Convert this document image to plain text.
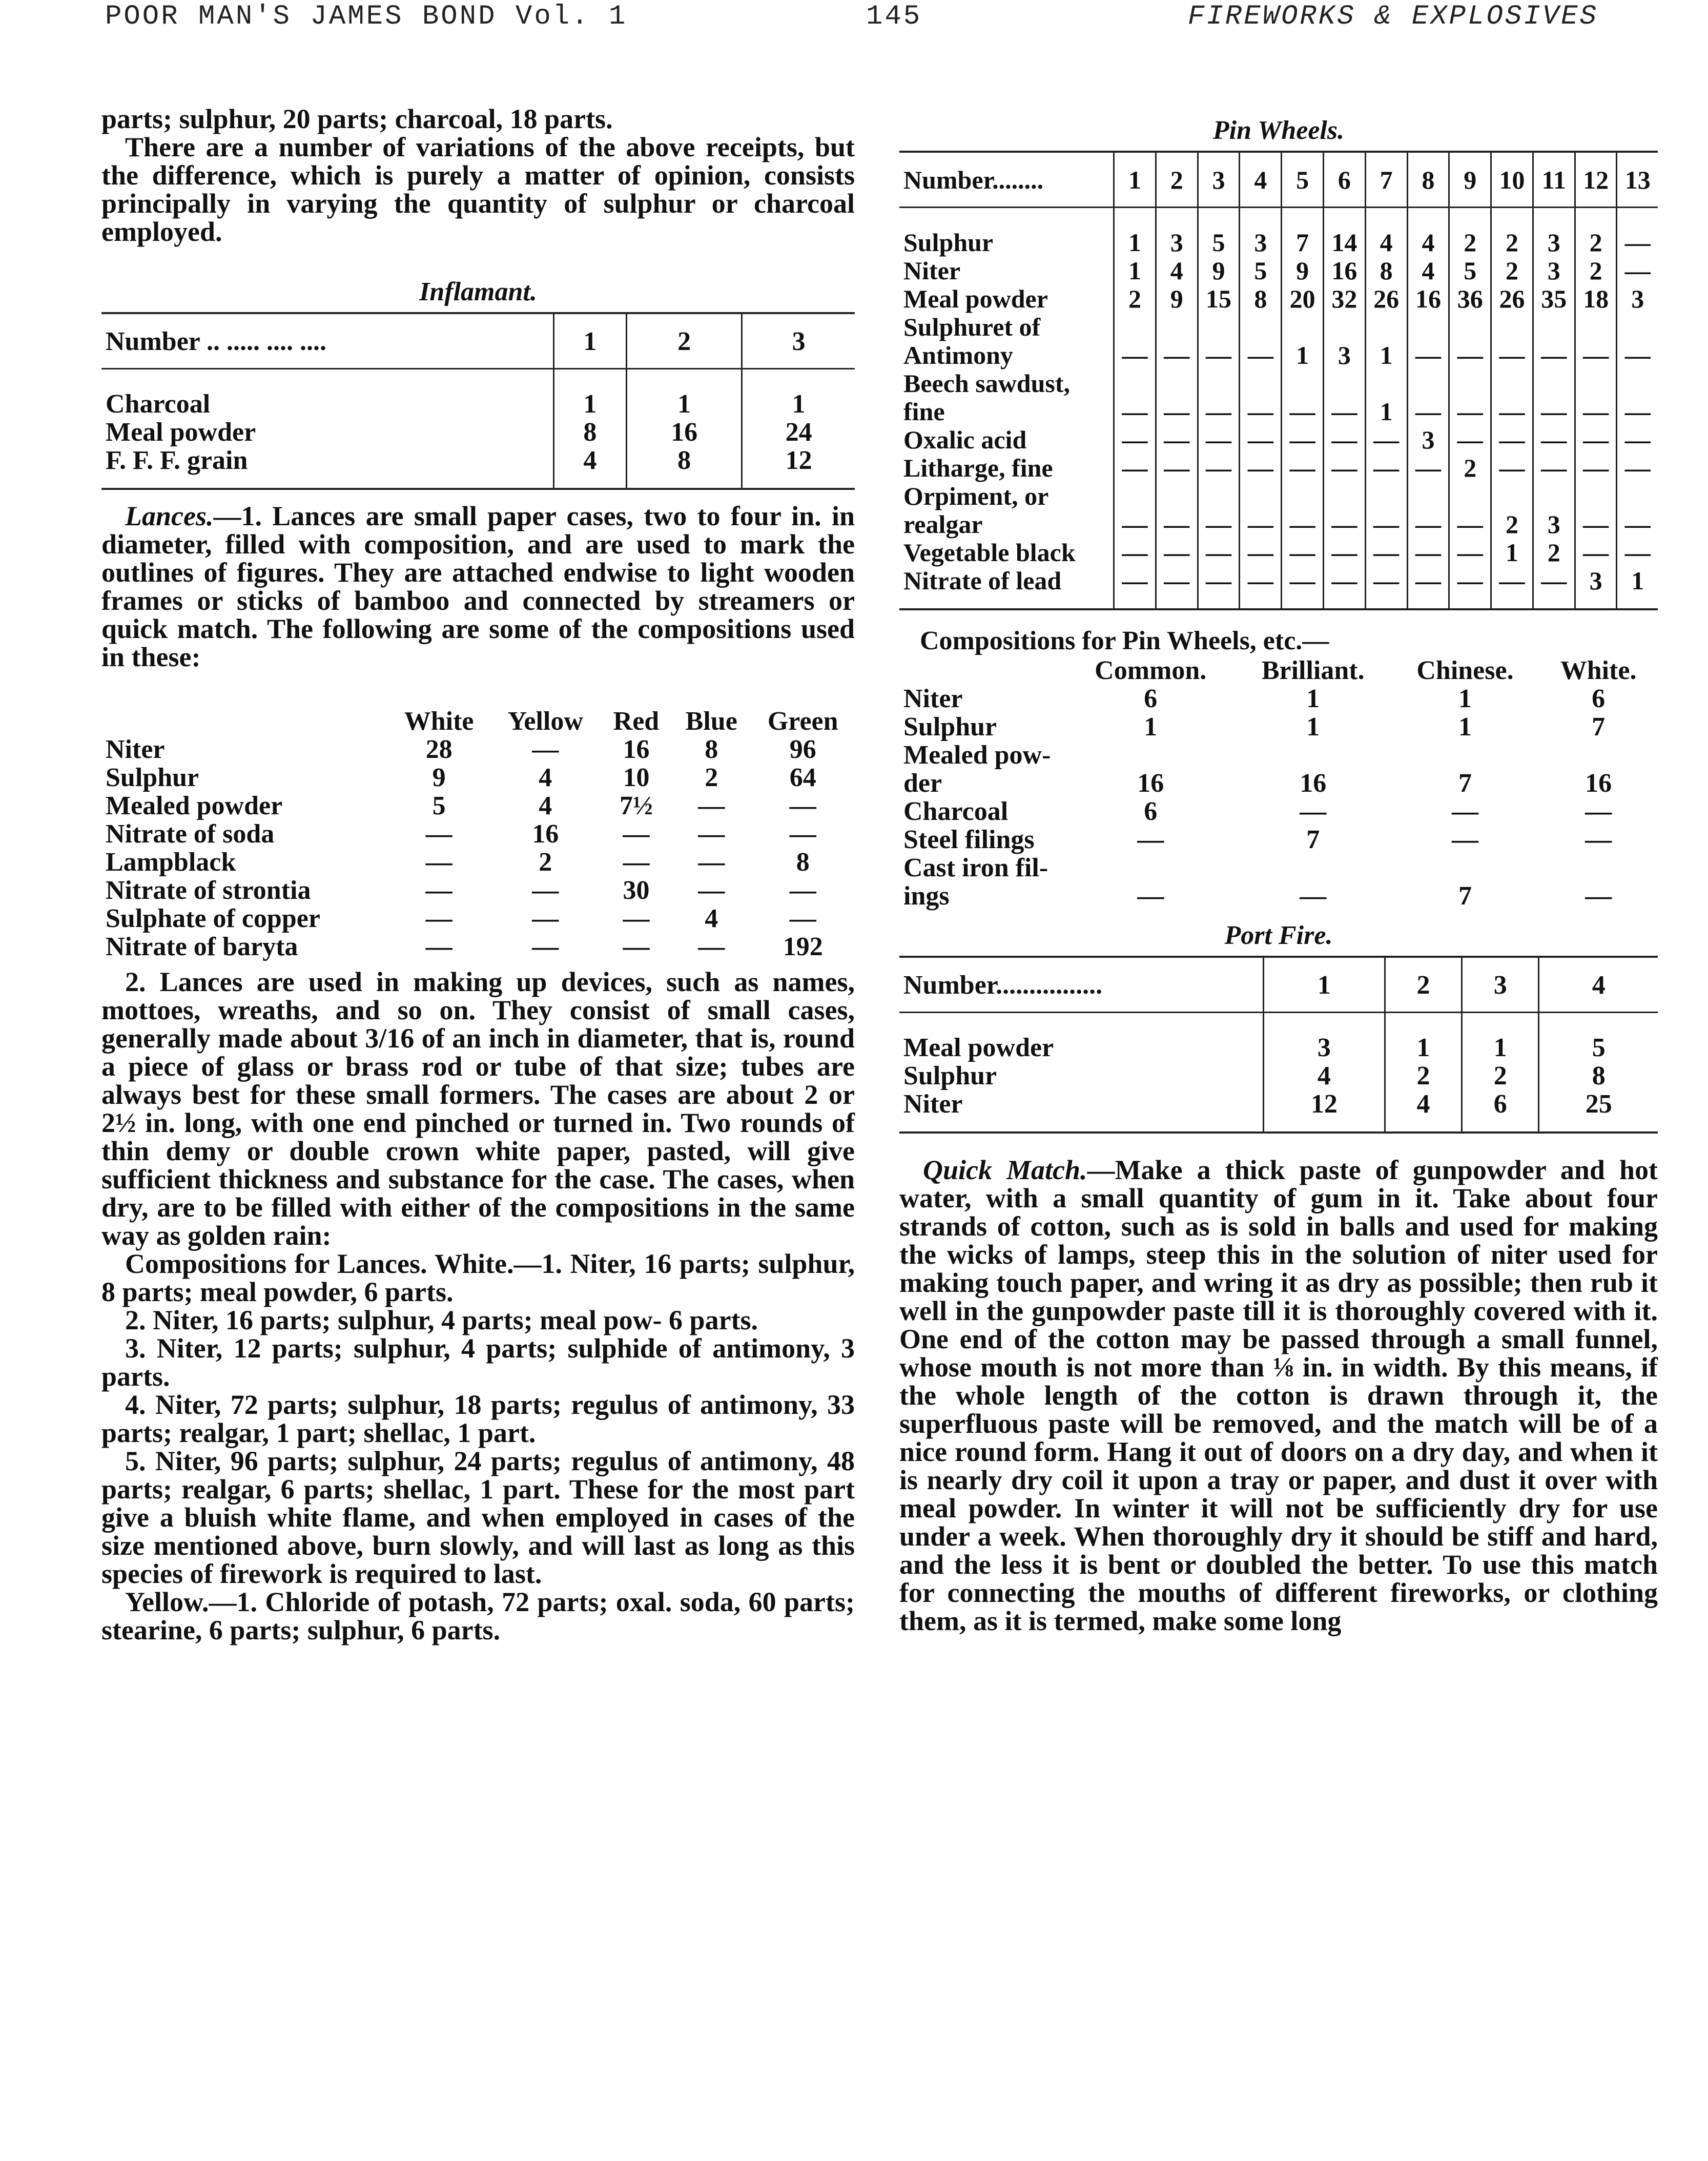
POOR MAN'S JAMES BOND Vol. 1	145	FIREWORKS & EXPLOSIVES

parts; sulphur, 20 parts; charcoal, 18 parts.

There are a number of variations of the above receipts, but the difference, which is purely a matter of opinion, consists principally in varying the quantity of sulphur or charcoal employed.

Inflamant.
Number .. ..... .... ....	1	2	3
Charcoal	1	1	1
Meal powder	8	16	24
F. F. F. grain	4	8	12

Lances.—1. Lances are small paper cases, two to four in. in diameter, filled with composition, and are used to mark the outlines of figures. They are attached endwise to light wooden frames or sticks of bamboo and connected by streamers or quick match. The following are some of the compositions used in these:

	White	Yellow	Red	Blue	Green
Niter	28	—	16	8	96
Sulphur	9	4	10	2	64
Mealed powder	5	4	7½	—	—
Nitrate of soda	—	16	—	—	—
Lampblack	—	2	—	—	8
Nitrate of strontia	—	—	30	—	—
Sulphate of copper	—	—	—	4	—
Nitrate of baryta	—	—	—	—	192

2. Lances are used in making up devices, such as names, mottoes, wreaths, and so on. They consist of small cases, generally made about 3/16 of an inch in diameter, that is, round a piece of glass or brass rod or tube of that size; tubes are always best for these small formers. The cases are about 2 or 2½ in. long, with one end pinched or turned in. Two rounds of thin demy or double crown white paper, pasted, will give sufficient thickness and substance for the case. The cases, when dry, are to be filled with either of the compositions in the same way as golden rain:

Compositions for Lances. White.—1. Niter, 16 parts; sulphur, 8 parts; meal powder, 6 parts.

2. Niter, 16 parts; sulphur, 4 parts; meal pow- 6 parts.

3. Niter, 12 parts; sulphur, 4 parts; sulphide of antimony, 3 parts.

4. Niter, 72 parts; sulphur, 18 parts; regulus of antimony, 33 parts; realgar, 1 part; shellac, 1 part.

5. Niter, 96 parts; sulphur, 24 parts; regulus of antimony, 48 parts; realgar, 6 parts; shellac, 1 part. These for the most part give a bluish white flame, and when employed in cases of the size mentioned above, burn slowly, and will last as long as this species of firework is required to last.

Yellow.—1. Chloride of potash, 72 parts; oxal. soda, 60 parts; stearine, 6 parts; sulphur, 6 parts.

Pin Wheels.
Number........	1	2	3	4	5	6	7	8	9	10	11	12	13
Sulphur	1	3	5	3	7	14	4	4	2	2	3	2	—
Niter	1	4	9	5	9	16	8	4	5	2	3	2	—
Meal powder	2	9	15	8	20	32	26	16	36	26	35	18	3
Sulphuret of													
Antimony	—	—	—	—	1	3	1	—	—	—	—	—	—
Beech sawdust,													
fine	—	—	—	—	—	—	1	—	—	—	—	—	—
Oxalic acid	—	—	—	—	—	—	—	3	—	—	—	—	—
Litharge, fine	—	—	—	—	—	—	—	—	2	—	—	—	—
Orpiment, or													
realgar	—	—	—	—	—	—	—	—	—	2	3	—	—
Vegetable black	—	—	—	—	—	—	—	—	—	1	2	—	—
Nitrate of lead	—	—	—	—	—	—	—	—	—	—	—	3	1
Compositions for Pin Wheels, etc.—
	Common.	Brilliant.	Chinese.	White.
Niter	6	1	1	6
Sulphur	1	1	1	7
Mealed pow-				
der	16	16	7	16
Charcoal	6	—	—	—
Steel filings	—	7	—	—
Cast iron fil-				
ings	—	—	7	—
Port Fire.
Number................	1	2	3	4
Meal powder	3	1	1	5
Sulphur	4	2	2	8
Niter	12	4	6	25

Quick Match.—Make a thick paste of gunpowder and hot water, with a small quantity of gum in it. Take about four strands of cotton, such as is sold in balls and used for making the wicks of lamps, steep this in the solution of niter used for making touch paper, and wring it as dry as possible; then rub it well in the gunpowder paste till it is thoroughly covered with it. One end of the cotton may be passed through a small funnel, whose mouth is not more than ⅛ in. in width. By this means, if the whole length of the cotton is drawn through it, the superfluous paste will be removed, and the match will be of a nice round form. Hang it out of doors on a dry day, and when it is nearly dry coil it upon a tray or paper, and dust it over with meal powder. In winter it will not be sufficiently dry for use under a week. When thoroughly dry it should be stiff and hard, and the less it is bent or doubled the better. To use this match for connecting the mouths of different fireworks, or clothing them, as it is termed, make some long
